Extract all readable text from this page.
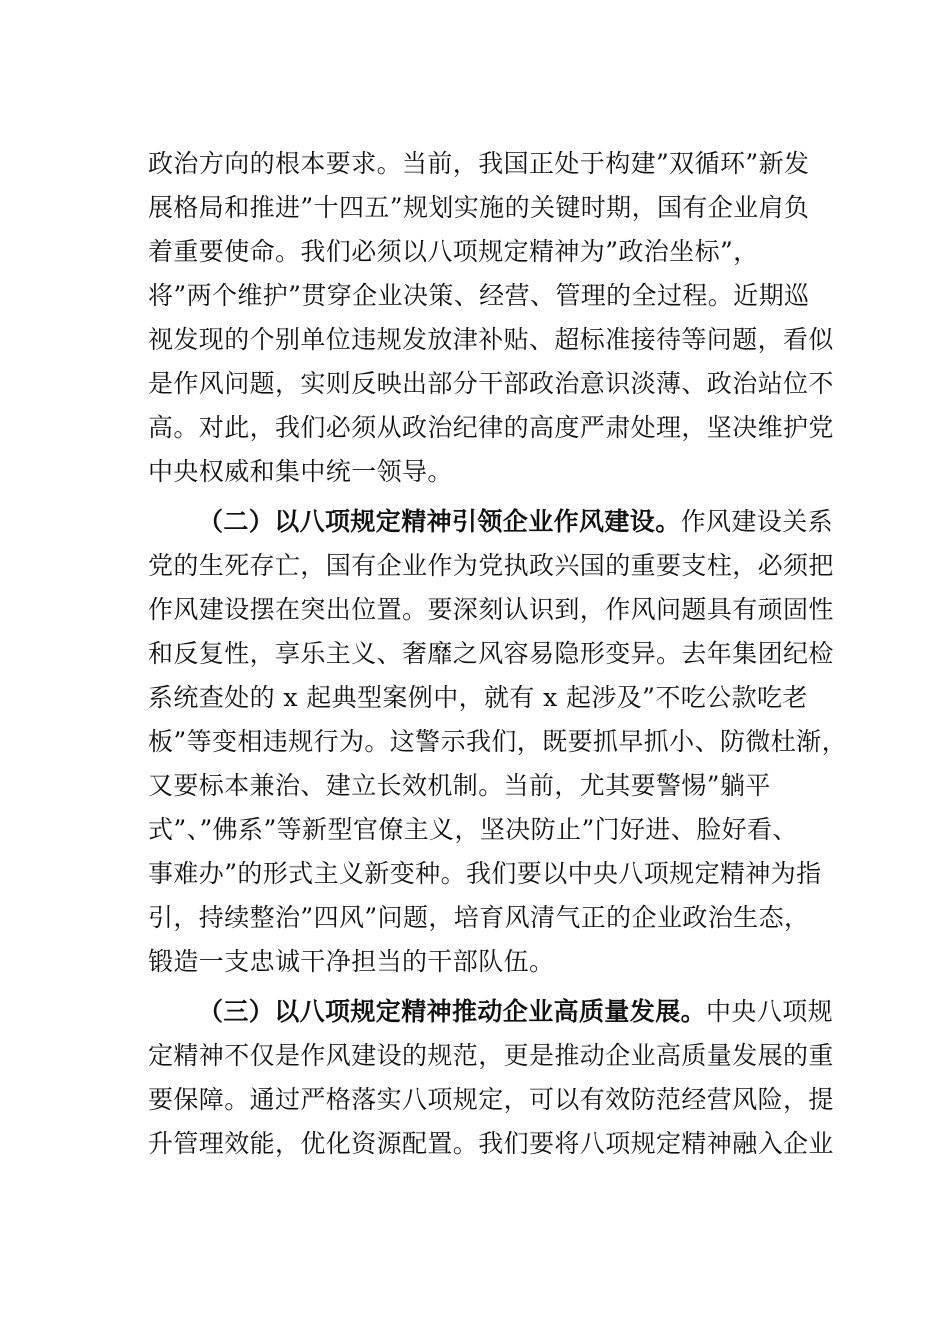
政治方向的根本要求。当前，我国正处于构建”双循环”新发
展格局和推进”十四五”规划实施的关键时期，国有企业肩负
着重要使命。我们必须以八项规定精神为”政治坐标”，
将”两个维护”贯穿企业决策、经营、管理的全过程。近期巡
视发现的个别单位违规发放津补贴、超标准接待等问题，看似
是作风问题，实则反映出部分干部政治意识淡薄、政治站位不
高。对此，我们必须从政治纪律的高度严肃处理，坚决维护党
中央权威和集中统一领导。
（二）以八项规定精神引领企业作风建设。作风建设关系
党的生死存亡，国有企业作为党执政兴国的重要支柱，必须把
作风建设摆在突出位置。要深刻认识到，作风问题具有顽固性
和反复性，享乐主义、奢靡之风容易隐形变异。去年集团纪检
系统查处的 x 起典型案例中，就有 x 起涉及”不吃公款吃老
板”等变相违规行为。这警示我们，既要抓早抓小、防微杜渐，
又要标本兼治、建立长效机制。当前，尤其要警惕”躺平
式”、”佛系”等新型官僚主义，坚决防止”门好进、脸好看、
事难办”的形式主义新变种。我们要以中央八项规定精神为指
引，持续整治”四风”问题，培育风清气正的企业政治生态，
锻造一支忠诚干净担当的干部队伍。
（三）以八项规定精神推动企业高质量发展。中央八项规
定精神不仅是作风建设的规范，更是推动企业高质量发展的重
要保障。通过严格落实八项规定，可以有效防范经营风险，提
升管理效能，优化资源配置。我们要将八项规定精神融入企业
